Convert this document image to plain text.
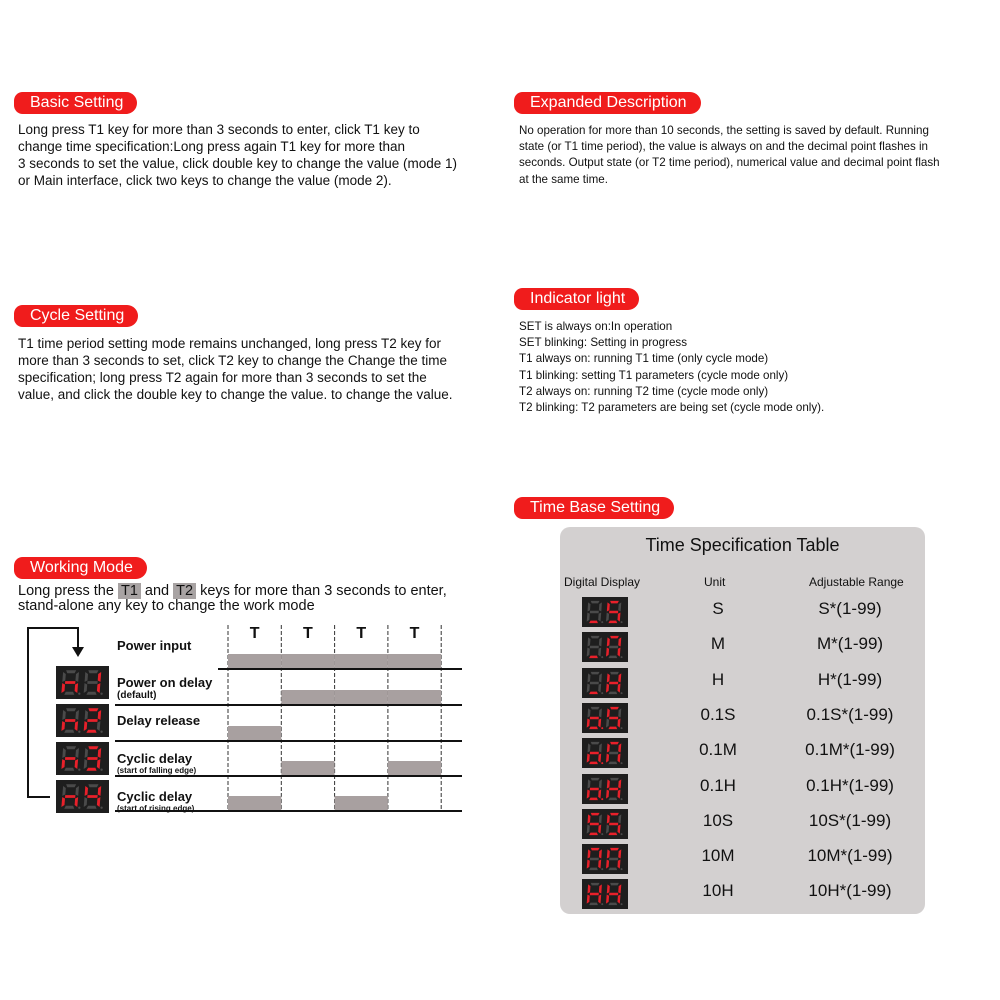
Basic Setting
Long press T1 key for more than 3 seconds to enter, click T1 key to
change time specification:Long press again T1 key for more than
3 seconds to set the value, click double key to change the value (mode 1)
or Main interface, click two keys to change the value (mode 2).
Expanded Description
No operation for more than 10 seconds, the setting is saved by default. Running
state (or T1 time period), the value is always on and the decimal point flashes in
seconds. Output state (or T2 time period), numerical value and decimal point flash
at the same time.
Cycle Setting
T1 time period setting mode remains unchanged, long press T2 key for
more than 3 seconds to set, click T2 key to change the Change the time
specification; long press T2 again for more than 3 seconds to set the
value, and click the double key to change the value. to change the value.
Indicator light
SET is always on:In operation
SET blinking: Setting in progress
T1 always on: running T1 time (only cycle mode)
T1 blinking: setting T1 parameters (cycle mode only)
T2 always on: running T2 time (cycle mode only)
T2 blinking: T2 parameters are being set (cycle mode only).
Working Mode
Long press the T1 and T2 keys for more than 3 seconds to enter,
stand-alone any key to change the work mode
T	T	T	T
Power input
Power on delay
(default)
Delay release
Cyclic delay
(start of falling edge)
Cyclic delay
(start of rising edge)
Time Base Setting
Time Specification Table
Digital Display	Unit	Adjustable Range
S	S*(1-99)
M	M*(1-99)
H	H*(1-99)
0.1S	0.1S*(1-99)
0.1M	0.1M*(1-99)
0.1H	0.1H*(1-99)
10S	10S*(1-99)
10M	10M*(1-99)
10H	10H*(1-99)
